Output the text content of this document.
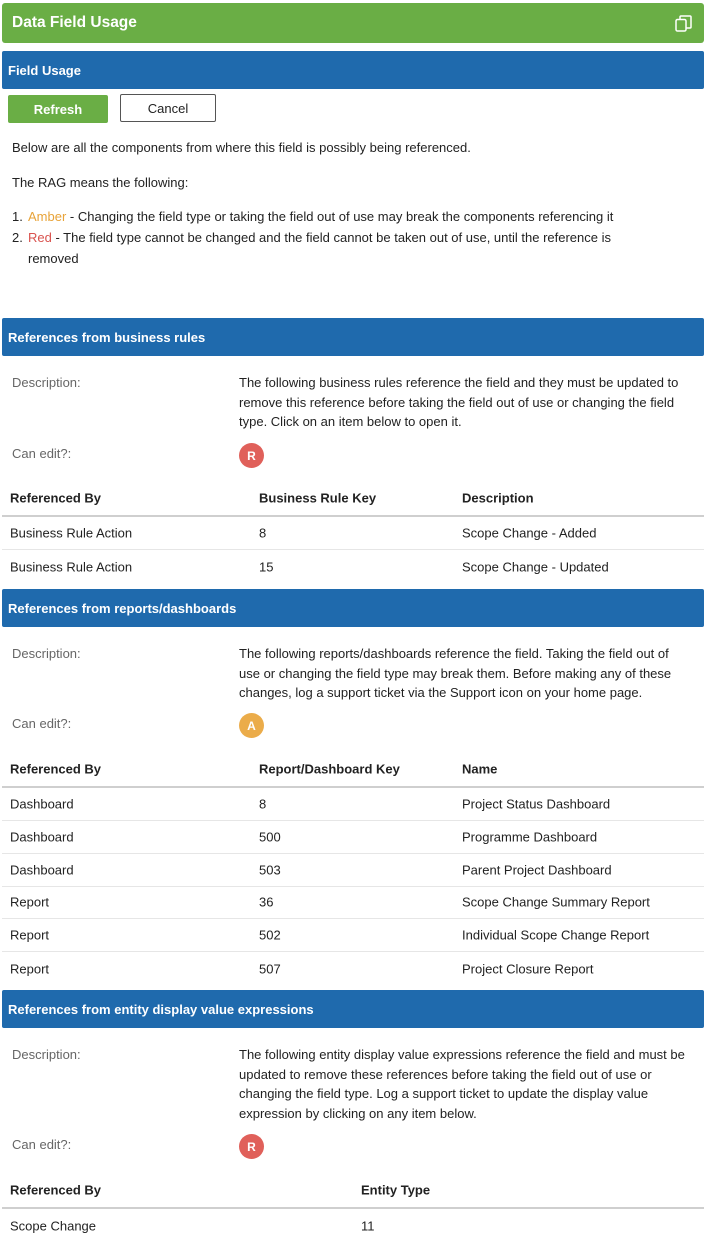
Data Field Usage
Field Usage
Refresh	Cancel
Below are all the components from where this field is possibly being referenced.
The RAG means the following:
1. Amber - Changing the field type or taking the field out of use may break the components referencing it
2. Red - The field type cannot be changed and the field cannot be taken out of use, until the reference is removed
References from business rules
Description:	The following business rules reference the field and they must be updated to remove this reference before taking the field out of use or changing the field type. Click on an item below to open it.
Can edit?:	R
Referenced By	Business Rule Key	Description
Business Rule Action	8	Scope Change - Added
Business Rule Action	15	Scope Change - Updated
References from reports/dashboards
Description:	The following reports/dashboards reference the field. Taking the field out of use or changing the field type may break them. Before making any of these changes, log a support ticket via the Support icon on your home page.
Can edit?:	A
Referenced By	Report/Dashboard Key	Name
Dashboard	8	Project Status Dashboard
Dashboard	500	Programme Dashboard
Dashboard	503	Parent Project Dashboard
Report	36	Scope Change Summary Report
Report	502	Individual Scope Change Report
Report	507	Project Closure Report
References from entity display value expressions
Description:	The following entity display value expressions reference the field and must be updated to remove these references before taking the field out of use or changing the field type. Log a support ticket to update the display value expression by clicking on any item below.
Can edit?:	R
Referenced By	Entity Type
Scope Change	11
